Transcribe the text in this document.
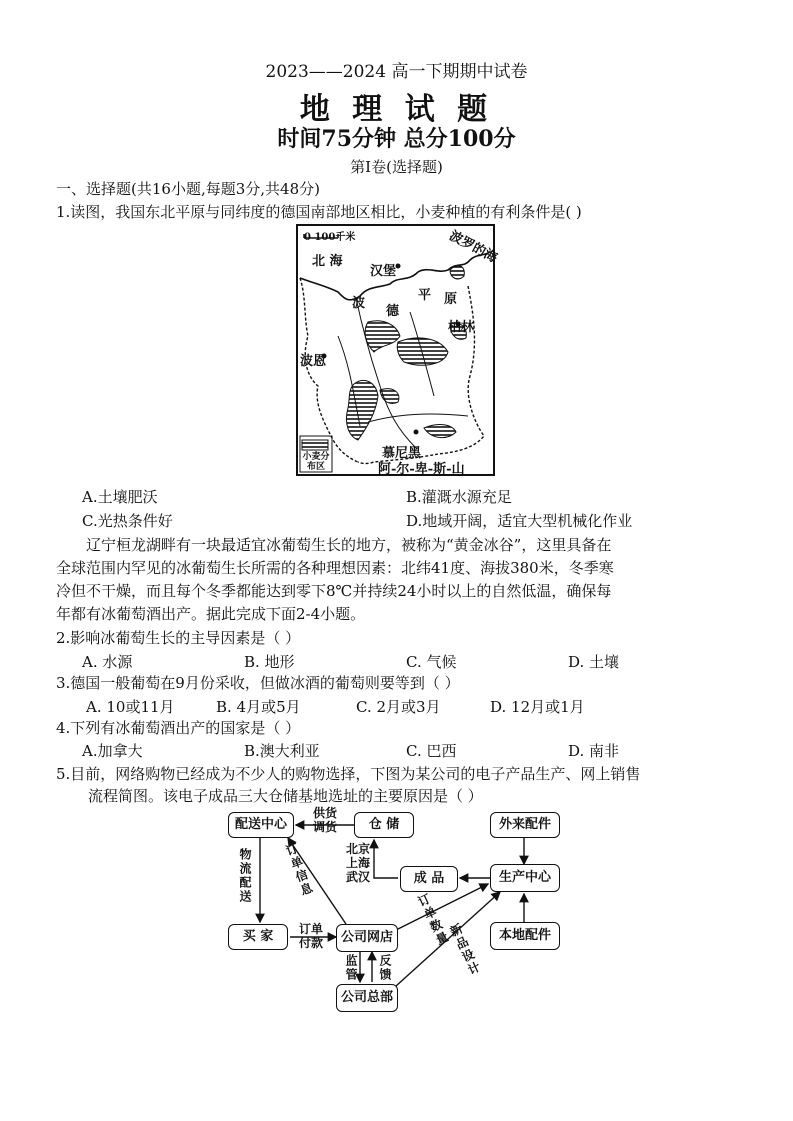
2023——2024 高一下期期中试卷
地 理 试 题
时间75分钟 总分100分
第Ⅰ卷(选择题)
一、选择题(共16小题,每题3分,共48分)
1.读图，我国东北平原与同纬度的德国南部地区相比，小麦种植的有利条件是( )
0 100千米
北 海	波罗的海
汉堡
波
德
平 原
柏林
波恩
慕尼黑
阿-尔-卑-斯-山
小麦分布区
A.土壤肥沃	B.灌溉水源充足
C.光热条件好	D.地域开阔，适宜大型机械化作业
辽宁桓龙湖畔有一块最适宜冰葡萄生长的地方，被称为“黄金冰谷”，这里具备在
全球范围内罕见的冰葡萄生长所需的各种理想因素：北纬41度、海拔380米，冬季寒
冷但不干燥，而且每个冬季都能达到零下8℃并持续24小时以上的自然低温，确保每
年都有冰葡萄酒出产。据此完成下面2-4小题。
2.影响冰葡萄生长的主导因素是（ ）
A. 水源	B. 地形	C. 气候	D. 土壤
3.德国一般葡萄在9月份采收，但做冰酒的葡萄则要等到（ ）
A. 10或11月	B. 4月或5月	C. 2月或3月	D. 12月或1月
4.下列有冰葡萄酒出产的国家是（ ）
A.加拿大	B.澳大利亚	C. 巴西	D. 南非
5.目前，网络购物已经成为不少人的购物选择，下图为某公司的电子产品生产、网上销售
流程简图。该电子成品三大仓储基地选址的主要原因是（ ）
配送中心	仓 储	外来配件
成 品	生产中心
买 家	公司网店	本地配件
公司总部
供货调货
北京上海武汉
物流配送	订单信息
订单付款	订单数量
新品设计
监管 反馈
